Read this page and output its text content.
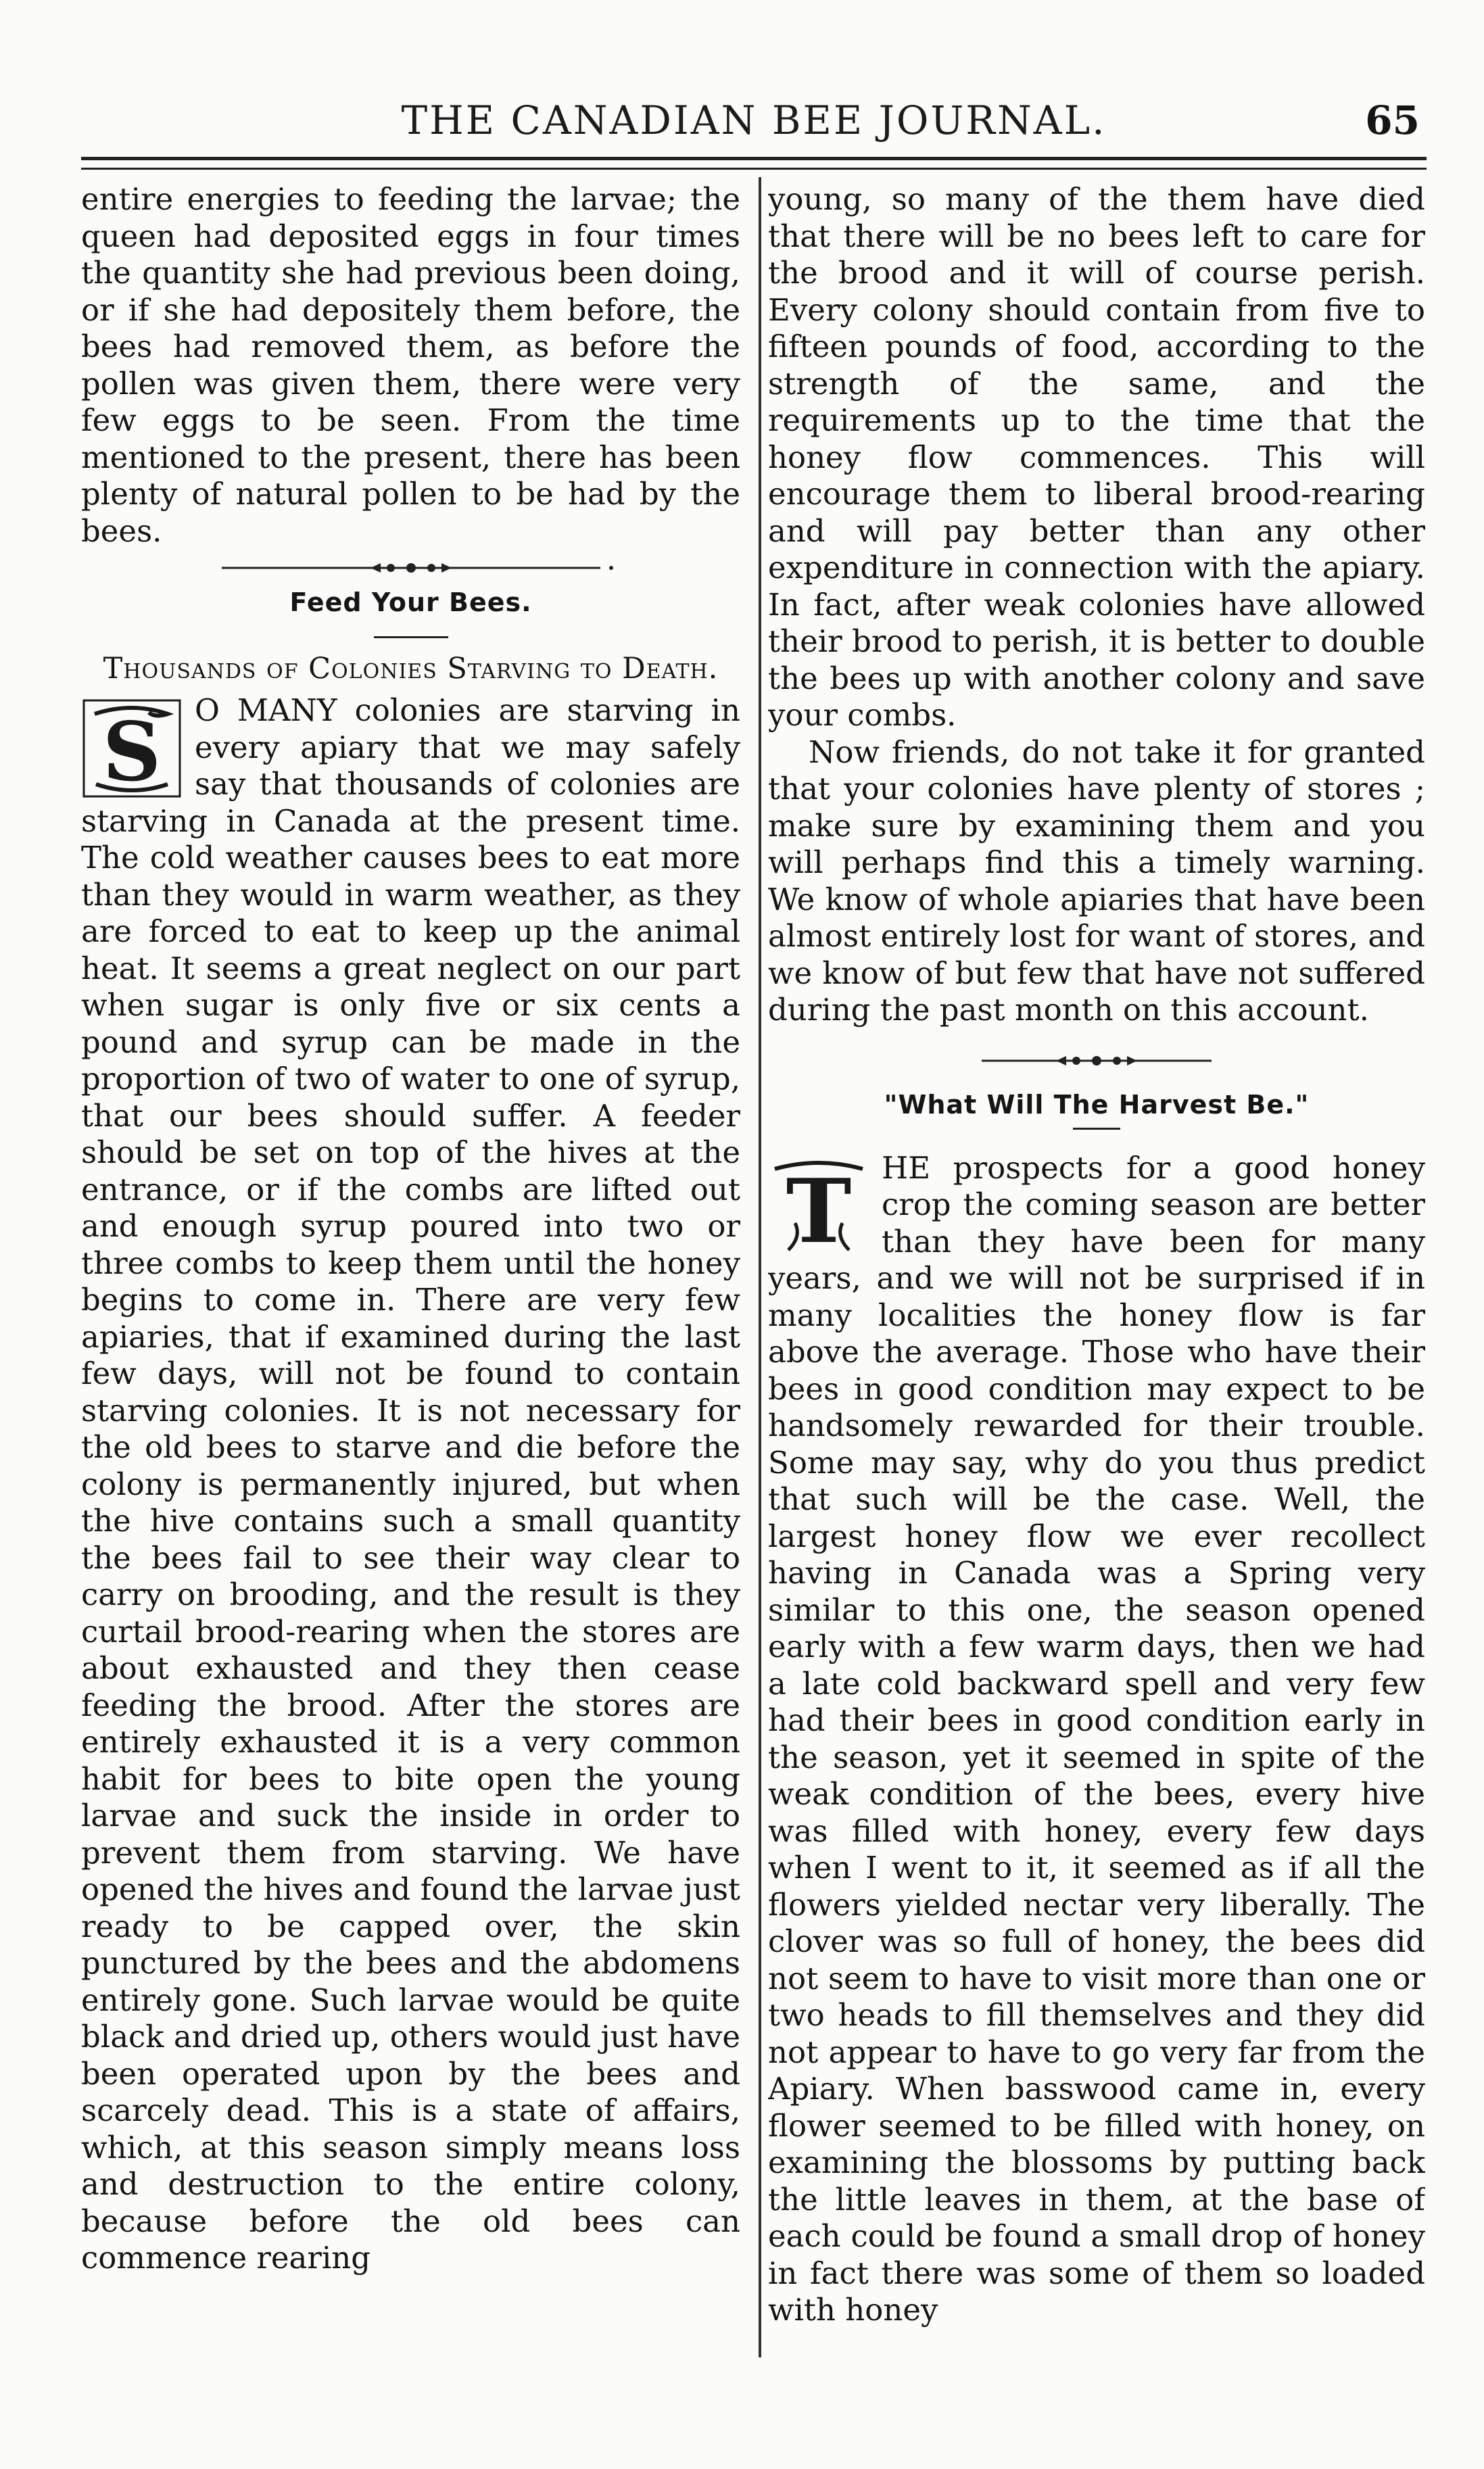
THE CANADIAN BEE JOURNAL.	65

entire energies to feeding the larvae; the queen had deposited eggs in four times the quantity she had previous been doing, or if she had depositely them before, the bees had removed them, as before the pollen was given them, there were very few eggs to be seen. From the time mentioned to the present, there has been plenty of natural pollen to be had by the bees.

Feed Your Bees.
Thousands of Colonies Starving to Death.
S	O MANY colonies are starving in every apiary that we may safely say that thousands of colonies are starving in Canada at the present time. The cold weather causes bees to eat more than they would in warm weather, as they are forced to eat to keep up the animal heat. It seems a great neglect on our part when sugar is only five or six cents a pound and syrup can be made in the proportion of two of water to one of syrup, that our bees should suffer. A feeder should be set on top of the hives at the entrance, or if the combs are lifted out and enough syrup poured into two or three combs to keep them until the honey begins to come in. There are very few apiaries, that if examined during the last few days, will not be found to contain starving colonies. It is not necessary for the old bees to starve and die before the colony is permanently injured, but when the hive contains such a small quantity the bees fail to see their way clear to carry on brooding, and the result is they curtail brood-rearing when the stores are about exhausted and they then cease feeding the brood. After the stores are entirely exhausted it is a very common habit for bees to bite open the young larvae and suck the inside in order to prevent them from starving. We have opened the hives and found the larvae just ready to be capped over, the skin punctured by the bees and the abdomens entirely gone. Such larvae would be quite black and dried up, others would just have been operated upon by the bees and scarcely dead. This is a state of affairs, which, at this season simply means loss and destruction to the entire colony, because before the old bees can commence rearing

young, so many of the them have died that there will be no bees left to care for the brood and it will of course perish. Every colony should contain from five to fifteen pounds of food, according to the strength of the same, and the requirements up to the time that the honey flow commences. This will encourage them to liberal brood-rearing and will pay better than any other expenditure in connection with the apiary. In fact, after weak colonies have allowed their brood to perish, it is better to double the bees up with another colony and save your combs.

Now friends, do not take it for granted that your colonies have plenty of stores ; make sure by examining them and you will perhaps find this a timely warning. We know of whole apiaries that have been almost entirely lost for want of stores, and we know of but few that have not suffered during the past month on this account.

"What Will The Harvest Be."
T HE prospects for a good honey crop the coming season are better than they have been for many years, and we will not be surprised if in many localities the honey flow is far above the average. Those who have their bees in good condition may expect to be handsomely rewarded for their trouble. Some may say, why do you thus predict that such will be the case. Well, the largest honey flow we ever recollect having in Canada was a Spring very similar to this one, the season opened early with a few warm days, then we had a late cold backward spell and very few had their bees in good condition early in the season, yet it seemed in spite of the weak condition of the bees, every hive was filled with honey, every few days when I went to it, it seemed as if all the flowers yielded nectar very liberally. The clover was so full of honey, the bees did not seem to have to visit more than one or two heads to fill themselves and they did not appear to have to go very far from the Apiary. When basswood came in, every flower seemed to be filled with honey, on examining the blossoms by putting back the little leaves in them, at the base of each could be found a small drop of honey in fact there was some of them so loaded with honey
